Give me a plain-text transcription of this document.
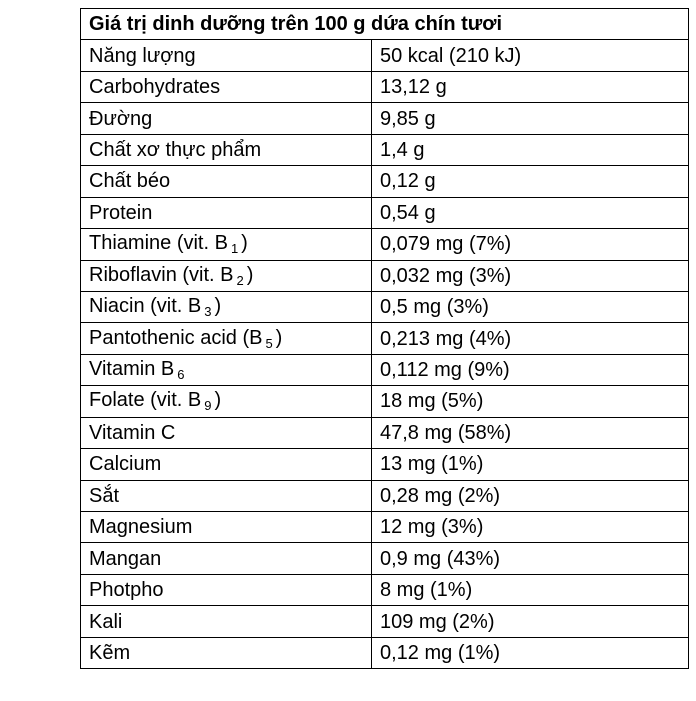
Giá trị dinh dưỡng trên 100 g dứa chín tươi	
Năng lượng	50 kcal (210 kJ)
Carbohydrates	13,12 g
Đường	9,85 g
Chất xơ thực phẩm	1,4 g
Chất béo	0,12 g
Protein	0,54 g
Thiamine (vit. B $_1$ )	0,079 mg (7%)
Riboflavin (vit. B $_2$ )	0,032 mg (3%)
Niacin (vit. B $_3$ )	0,5 mg (3%)
Pantothenic acid (B $_5$ )	0,213 mg (4%)
Vitamin B $_6$	0,112 mg (9%)
Folate (vit. B $_9$ )	18 mg (5%)
Vitamin C	47,8 mg (58%)
Calcium	13 mg (1%)
Sắt	0,28 mg (2%)
Magnesium	12 mg (3%)
Mangan	0,9 mg (43%)
Photpho	8 mg (1%)
Kali	109 mg (2%)
Kẽm	0,12 mg (1%)
